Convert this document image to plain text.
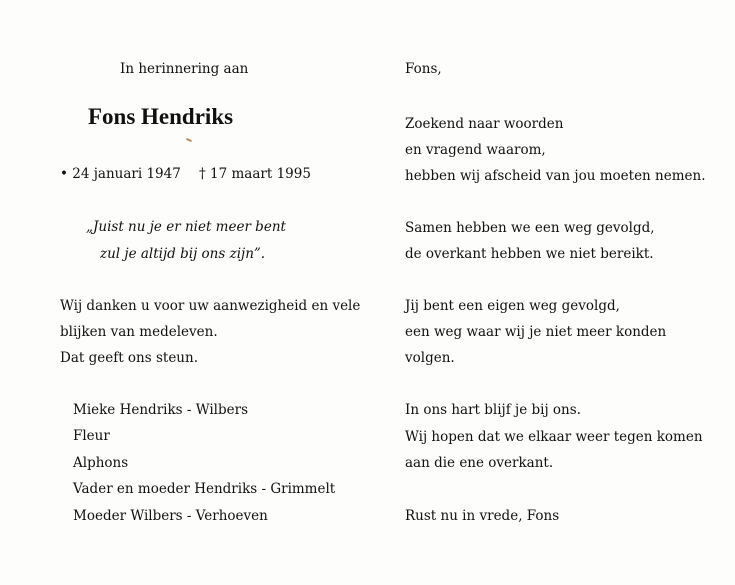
In herinnering aan
Fons Hendriks
• 24 januari 1947 † 17 maart 1995
„Juist nu je er niet meer bent
zul je altijd bij ons zijn”.
Wij danken u voor uw aanwezigheid en vele
blijken van medeleven.
Dat geeft ons steun.
Mieke Hendriks - Wilbers
Fleur
Alphons
Vader en moeder Hendriks - Grimmelt
Moeder Wilbers - Verhoeven
Fons,
Zoekend naar woorden
en vragend waarom,
hebben wij afscheid van jou moeten nemen.
Samen hebben we een weg gevolgd,
de overkant hebben we niet bereikt.
Jij bent een eigen weg gevolgd,
een weg waar wij je niet meer konden
volgen.
In ons hart blijf je bij ons.
Wij hopen dat we elkaar weer tegen komen
aan die ene overkant.
Rust nu in vrede, Fons
